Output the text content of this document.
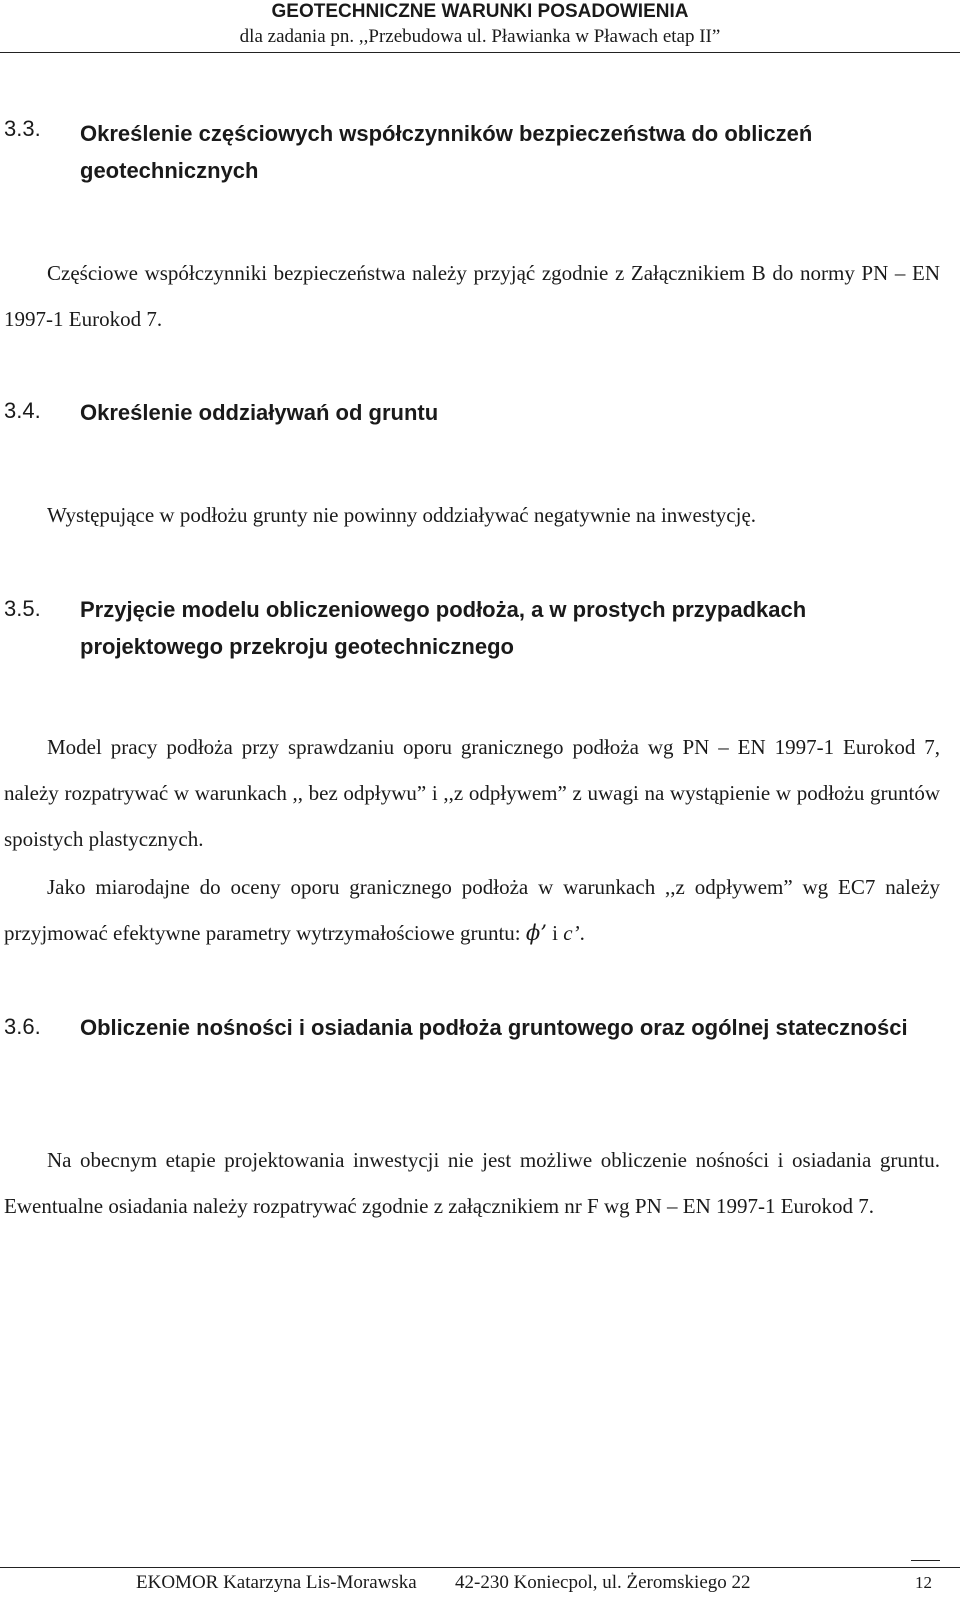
GEOTECHNICZNE WARUNKI POSADOWIENIA
dla zadania pn. ,,Przebudowa ul. Pławianka w Pławach etap II”
3.3. Określenie częściowych współczynników bezpieczeństwa do obliczeń geotechnicznych

Częściowe współczynniki bezpieczeństwa należy przyjąć zgodnie z Załącznikiem B do normy PN – EN 1997-1 Eurokod 7.

3.4. Określenie oddziaływań od gruntu

Występujące w podłożu grunty nie powinny oddziaływać negatywnie na inwestycję.

3.5. Przyjęcie modelu obliczeniowego podłoża, a w prostych przypadkach projektowego przekroju geotechnicznego

Model pracy podłoża przy sprawdzaniu oporu granicznego podłoża wg PN – EN 1997-1 Eurokod 7, należy rozpatrywać w warunkach ,, bez odpływu” i ,,z odpływem” z uwagi na wystąpienie w podłożu gruntów spoistych plastycznych.

Jako miarodajne do oceny oporu granicznego podłoża w warunkach ,,z odpływem” wg EC7 należy przyjmować efektywne parametry wytrzymałościowe gruntu: ϕ’ i c’.

3.6. Obliczenie nośności i osiadania podłoża gruntowego oraz ogólnej stateczności

Na obecnym etapie projektowania inwestycji nie jest możliwe obliczenie nośności i osiadania gruntu. Ewentualne osiadania należy rozpatrywać zgodnie z załącznikiem nr F wg PN – EN 1997-1 Eurokod 7.

EKOMOR Katarzyna Lis-Morawska 42-230 Koniecpol, ul. Żeromskiego 22	12
